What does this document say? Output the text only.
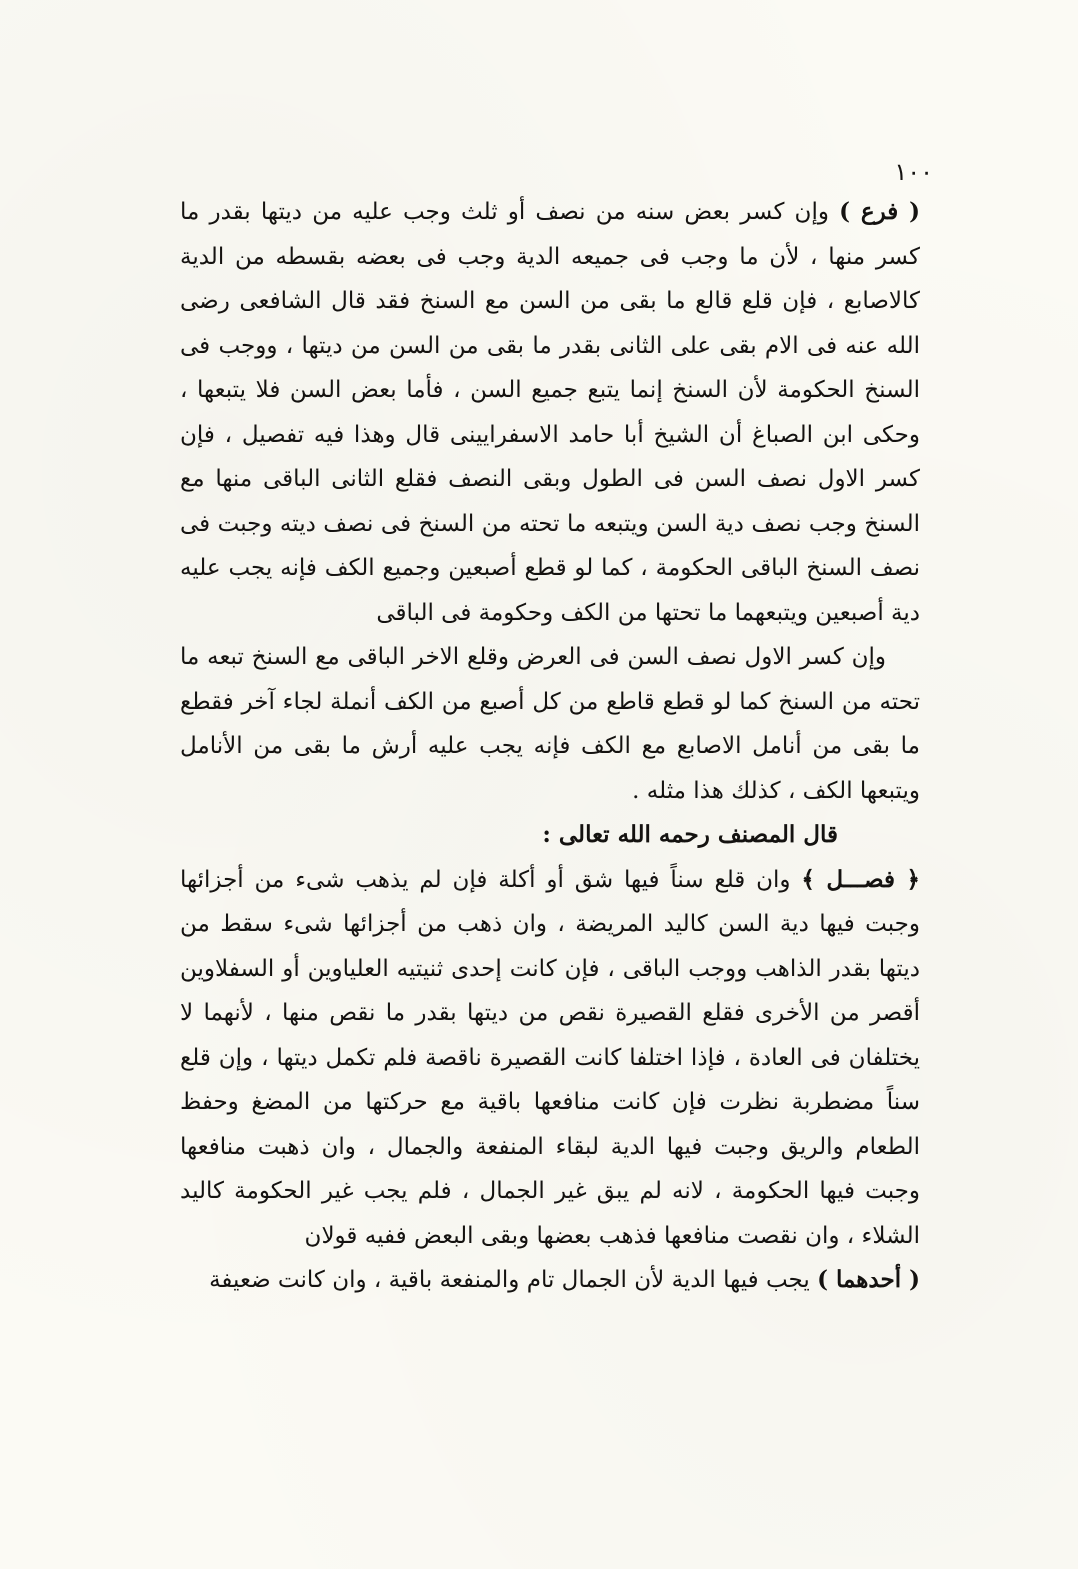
١٠٠

( فرع ) وإن كسر بعض سنه من نصف أو ثلث وجب عليه من ديتها بقدر ما كسر منها ، لأن ما وجب فى جميعه الدية وجب فى بعضه بقسطه من الدية كالاصابع ، فإن قلع قالع ما بقى من السن مع السنخ فقد قال الشافعى رضى الله عنه فى الام بقى على الثانى بقدر ما بقى من السن من ديتها ، ووجب فى السنخ الحكومة لأن السنخ إنما يتبع جميع السن ، فأما بعض السن فلا يتبعها ، وحكى ابن الصباغ أن الشيخ أبا حامد الاسفرايينى قال وهذا فيه تفصيل ، فإن كسر الاول نصف السن فى الطول وبقى النصف فقلع الثانى الباقى منها مع السنخ وجب نصف دية السن ويتبعه ما تحته من السنخ فى نصف ديته وجبت فى نصف السنخ الباقى الحكومة ، كما لو قطع أصبعين وجميع الكف فإنه يجب عليه دية أصبعين ويتبعهما ما تحتها من الكف وحكومة فى الباقى

وإن كسر الاول نصف السن فى العرض وقلع الاخر الباقى مع السنخ تبعه ما تحته من السنخ كما لو قطع قاطع من كل أصبع من الكف أنملة لجاء آخر فقطع ما بقى من أنامل الاصابع مع الكف فإنه يجب عليه أرش ما بقى من الأنامل ويتبعها الكف ، كذلك هذا مثله .

قال المصنف رحمه الله تعالى :

﴿ فصـــل ﴾ وان قلع سناً فيها شق أو أكلة فإن لم يذهب شىء من أجزائها وجبت فيها دية السن كاليد المريضة ، وان ذهب من أجزائها شىء سقط من ديتها بقدر الذاهب ووجب الباقى ، فإن كانت إحدى ثنيتيه العلياوين أو السفلاوين أقصر من الأخرى فقلع القصيرة نقص من ديتها بقدر ما نقص منها ، لأنهما لا يختلفان فى العادة ، فإذا اختلفا كانت القصيرة ناقصة فلم تكمل ديتها ، وإن قلع سناً مضطربة نظرت فإن كانت منافعها باقية مع حركتها من المضغ وحفظ الطعام والريق وجبت فيها الدية لبقاء المنفعة والجمال ، وان ذهبت منافعها وجبت فيها الحكومة ، لانه لم يبق غير الجمال ، فلم يجب غير الحكومة كاليد الشلاء ، وان نقصت منافعها فذهب بعضها وبقى البعض ففيه قولان

( أحدهما ) يجب فيها الدية لأن الجمال تام والمنفعة باقية ، وان كانت ضعيفة
